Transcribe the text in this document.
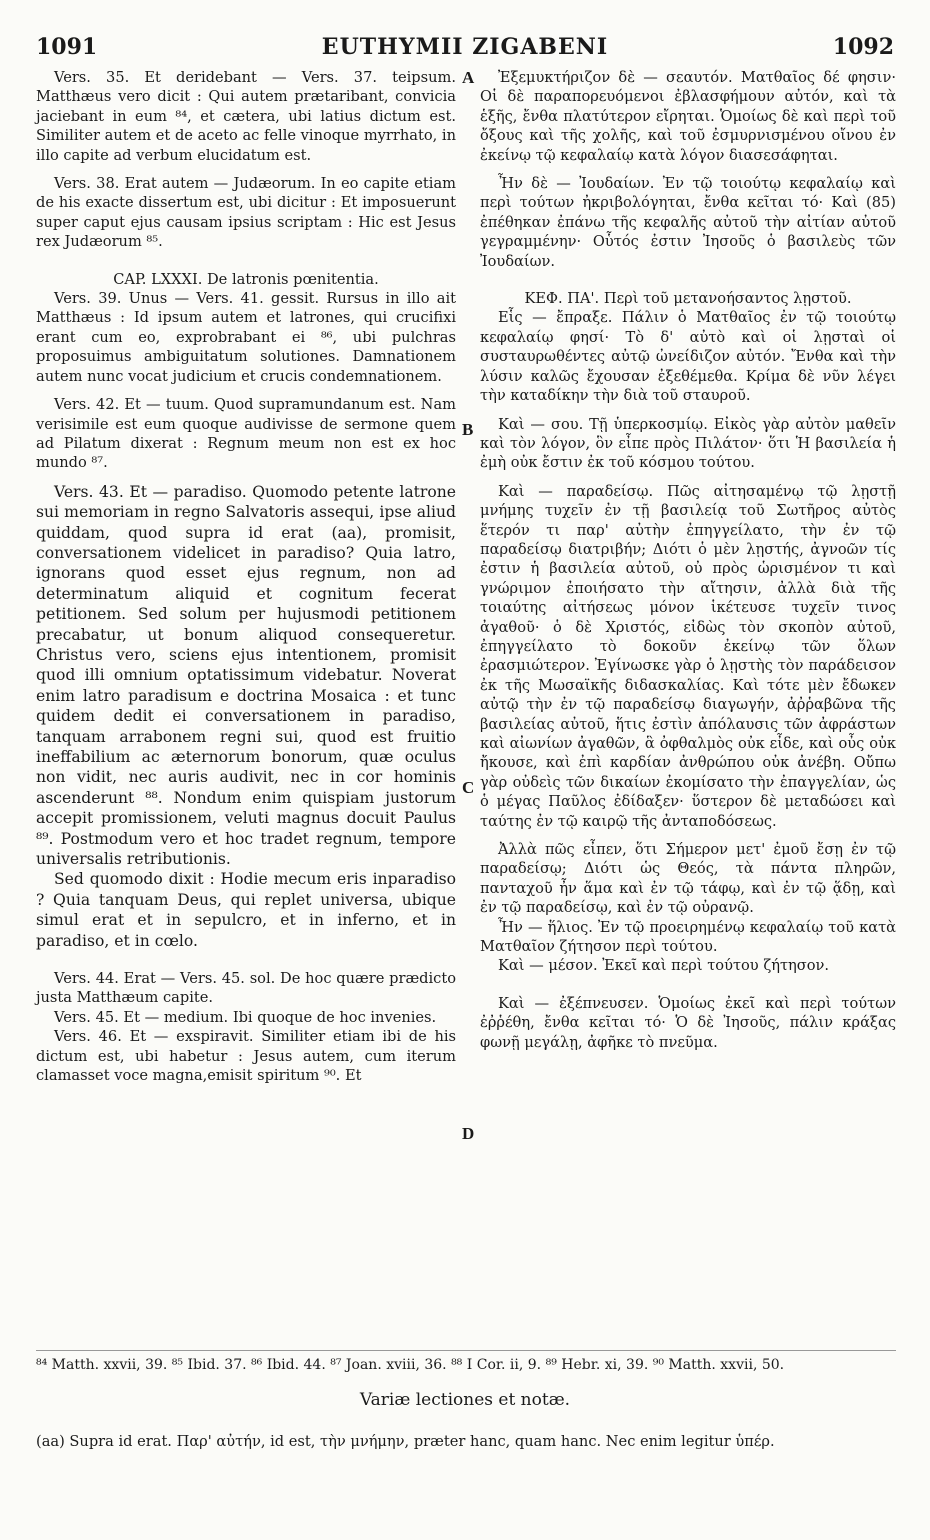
1091	EUTHYMII ZIGABENI	1092
A
B
C
D

Vers. 35. Et deridebant — Vers. 37. teipsum. Matthæus vero dicit : Qui autem prætaribant, convicia jaciebant in eum ⁸⁴, et cætera, ubi latius dictum est. Similiter autem et de aceto ac felle vinoque myrrhato, in illo capite ad verbum elucidatum est.

Vers. 38. Erat autem — Judæorum. In eo capite etiam de his exacte dissertum est, ubi dicitur : Et imposuerunt super caput ejus causam ipsius scriptam : Hic est Jesus rex Judæorum ⁸⁵.

CAP. LXXXI. De latronis pœnitentia.

Vers. 39. Unus — Vers. 41. gessit. Rursus in illo ait Matthæus : Id ipsum autem et latrones, qui crucifixi erant cum eo, exprobrabant ei ⁸⁶, ubi pulchras proposuimus ambiguitatum solutiones. Damnationem autem nunc vocat judicium et crucis condemnationem.

Vers. 42. Et — tuum. Quod supramundanum est. Nam verisimile est eum quoque audivisse de sermone quem ad Pilatum dixerat : Regnum meum non est ex hoc mundo ⁸⁷.

Vers. 43. Et — paradiso. Quomodo petente latrone sui memoriam in regno Salvatoris assequi, ipse aliud quiddam, quod supra id erat (aa), promisit, conversationem videlicet in paradiso? Quia latro, ignorans quod esset ejus regnum, non ad determinatum aliquid et cognitum fecerat petitionem. Sed solum per hujusmodi petitionem precabatur, ut bonum aliquod consequeretur. Christus vero, sciens ejus intentionem, promisit quod illi omnium optatissimum videbatur. Noverat enim latro paradisum e doctrina Mosaica : et tunc quidem dedit ei conversationem in paradiso, tanquam arrabonem regni sui, quod est fruitio ineffabilium ac æternorum bonorum, quæ oculus non vidit, nec auris audivit, nec in cor hominis ascenderunt ⁸⁸. Nondum enim quispiam justorum accepit promissionem, veluti magnus docuit Paulus ⁸⁹. Postmodum vero et hoc tradet regnum, tempore universalis retributionis.

Sed quomodo dixit : Hodie mecum eris inparadiso ? Quia tanquam Deus, qui replet universa, ubique simul erat et in sepulcro, et in inferno, et in paradiso, et in cœlo.

Vers. 44. Erat — Vers. 45. sol. De hoc quære prædicto justa Matthæum capite.

Vers. 45. Et — medium. Ibi quoque de hoc invenies.

Vers. 46. Et — exspiravit. Similiter etiam ibi de his dictum est, ubi habetur : Jesus autem, cum iterum clamasset voce magna,emisit spiritum ⁹⁰. Et

Ἐξεμυκτήριζον δὲ — σεαυτόν. Ματθαῖος δέ φησιν· Οἱ δὲ παραπορευόμενοι ἐβλασφήμουν αὐτόν, καὶ τὰ ἑξῆς, ἔνθα πλατύτερον εἴρηται. Ὁμοίως δὲ καὶ περὶ τοῦ ὄξους καὶ τῆς χολῆς, καὶ τοῦ ἐσμυρνισμένου οἴνου ἐν ἐκείνῳ τῷ κεφαλαίῳ κατὰ λόγον διασεσάφηται.

Ἦν δὲ — Ἰουδαίων. Ἐν τῷ τοιούτῳ κεφαλαίῳ καὶ περὶ τούτων ἠκριβολόγηται, ἔνθα κεῖται τό· Καὶ (85) ἐπέθηκαν ἐπάνω τῆς κεφαλῆς αὐτοῦ τὴν αἰτίαν αὐτοῦ γεγραμμένην· Οὗτός ἐστιν Ἰησοῦς ὁ βασιλεὺς τῶν Ἰουδαίων.

ΚΕΦ. ΠΑ'. Περὶ τοῦ μετανοήσαντος λῃστοῦ.

Εἷς — ἔπραξε. Πάλιν ὁ Ματθαῖος ἐν τῷ τοιούτῳ κεφαλαίῳ φησί· Τὸ δ' αὐτὸ καὶ οἱ λῃσταὶ οἱ συσταυρωθέντες αὐτῷ ὠνείδιζον αὐτόν. Ἔνθα καὶ τὴν λύσιν καλῶς ἔχουσαν ἐξεθέμεθα. Κρίμα δὲ νῦν λέγει τὴν καταδίκην τὴν διὰ τοῦ σταυροῦ.

Καὶ — σου. Τῇ ὑπερκοσμίῳ. Εἰκὸς γὰρ αὐτὸν μαθεῖν καὶ τὸν λόγον, ὃν εἶπε πρὸς Πιλάτον· ὅτι Ἡ βασιλεία ἡ ἐμὴ οὐκ ἔστιν ἐκ τοῦ κόσμου τούτου.

Καὶ — παραδείσῳ. Πῶς αἰτησαμένῳ τῷ λῃστῇ μνήμης τυχεῖν ἐν τῇ βασιλείᾳ τοῦ Σωτῆρος αὐτὸς ἕτερόν τι παρ' αὐτὴν ἐπηγγείλατο, τὴν ἐν τῷ παραδείσῳ διατριβήν; Διότι ὁ μὲν λῃστής, ἀγνοῶν τίς ἐστιν ἡ βασιλεία αὐτοῦ, οὐ πρὸς ὡρισμένον τι καὶ γνώριμον ἐποιήσατο τὴν αἴτησιν, ἀλλὰ διὰ τῆς τοιαύτης αἰτήσεως μόνον ἱκέτευσε τυχεῖν τινος ἀγαθοῦ· ὁ δὲ Χριστός, εἰδὼς τὸν σκοπὸν αὐτοῦ, ἐπηγγείλατο τὸ δοκοῦν ἐκείνῳ τῶν ὅλων ἐρασμιώτερον. Ἐγίνωσκε γὰρ ὁ λῃστὴς τὸν παράδεισον ἐκ τῆς Μωσαϊκῆς διδασκαλίας. Καὶ τότε μὲν ἔδωκεν αὐτῷ τὴν ἐν τῷ παραδείσῳ διαγωγήν, ἀῤῥαβῶνα τῆς βασιλείας αὐτοῦ, ἥτις ἐστὶν ἀπόλαυσις τῶν ἀφράστων καὶ αἰωνίων ἀγαθῶν, ἃ ὀφθαλμὸς οὐκ εἶδε, καὶ οὖς οὐκ ἤκουσε, καὶ ἐπὶ καρδίαν ἀνθρώπου οὐκ ἀνέβη. Οὔπω γὰρ οὐδεὶς τῶν δικαίων ἐκομίσατο τὴν ἐπαγγελίαν, ὡς ὁ μέγας Παῦλος ἐδίδαξεν· ὕστερον δὲ μεταδώσει καὶ ταύτης ἐν τῷ καιρῷ τῆς ἀνταποδόσεως.

Ἀλλὰ πῶς εἶπεν, ὅτι Σήμερον μετ' ἐμοῦ ἔσῃ ἐν τῷ παραδείσῳ; Διότι ὡς Θεός, τὰ πάντα πληρῶν, πανταχοῦ ἦν ἅμα καὶ ἐν τῷ τάφῳ, καὶ ἐν τῷ ᾅδῃ, καὶ ἐν τῷ παραδείσῳ, καὶ ἐν τῷ οὐρανῷ.

Ἦν — ἥλιος. Ἐν τῷ προειρημένῳ κεφαλαίῳ τοῦ κατὰ Ματθαῖον ζήτησον περὶ τούτου.

Καὶ — μέσον. Ἐκεῖ καὶ περὶ τούτου ζήτησον.

Καὶ — ἐξέπνευσεν. Ὁμοίως ἐκεῖ καὶ περὶ τούτων ἐῤῥέθη, ἔνθα κεῖται τό· Ὁ δὲ Ἰησοῦς, πάλιν κράξας φωνῇ μεγάλῃ, ἀφῆκε τὸ πνεῦμα.

⁸⁴ Matth. xxvii, 39. ⁸⁵ Ibid. 37. ⁸⁶ Ibid. 44. ⁸⁷ Joan. xviii, 36. ⁸⁸ I Cor. ii, 9. ⁸⁹ Hebr. xi, 39. ⁹⁰ Matth. xxvii, 50.
Variæ lectiones et notæ.
(aa) Supra id erat. Παρ' αὐτήν, id est, τὴν μνήμην, præter hanc, quam hanc. Nec enim legitur ὑπέρ.
